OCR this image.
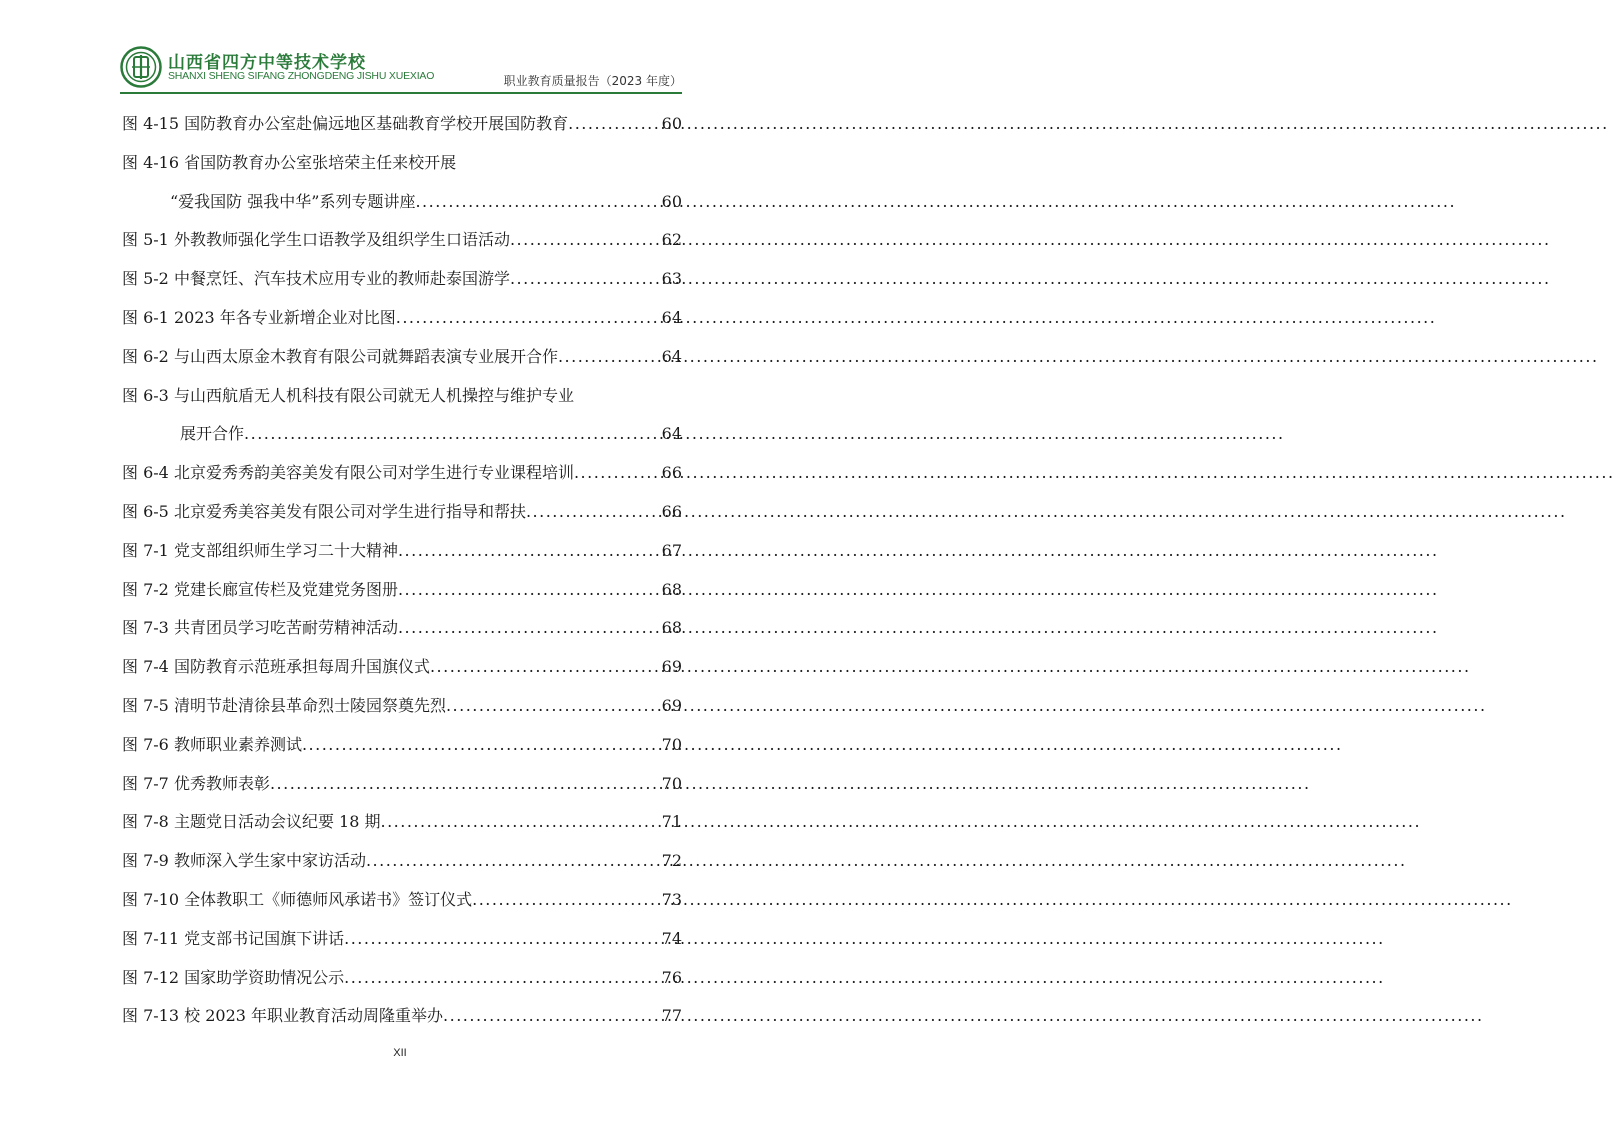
山西省四方中等技术学校
SHANXI SHENG SIFANG ZHONGDENG JISHU XUEXIAO	职业教育质量报告（2023 年度）
图 4-15 国防教育办公室赴偏远地区基础教育学校开展国防教育 .....	60
图 4-16 省国防教育办公室张培荣主任来校开展
“爱我国防 强我中华”系列专题讲座 .....	60
图 5-1 外教教师强化学生口语教学及组织学生口语活动 .....	62
图 5-2 中餐烹饪、汽车技术应用专业的教师赴泰国游学 .....	63
图 6-1 2023 年各专业新增企业对比图 .....	64
图 6-2 与山西太原金木教育有限公司就舞蹈表演专业展开合作 .....	64
图 6-3 与山西航盾无人机科技有限公司就无人机操控与维护专业
展开合作 .....	64
图 6-4 北京爱秀秀韵美容美发有限公司对学生进行专业课程培训 .....	66
图 6-5 北京爱秀美容美发有限公司对学生进行指导和帮扶 .....	66
图 7-1 党支部组织师生学习二十大精神 .....	67
图 7-2 党建长廊宣传栏及党建党务图册 .....	68
图 7-3 共青团员学习吃苦耐劳精神活动 .....	68
图 7-4 国防教育示范班承担每周升国旗仪式 .....	69
图 7-5 清明节赴清徐县革命烈士陵园祭奠先烈 .....	69
图 7-6 教师职业素养测试 .....	70
图 7-7 优秀教师表彰 .....	70
图 7-8 主题党日活动会议纪要 18 期 .....	71
图 7-9 教师深入学生家中家访活动 .....	72
图 7-10 全体教职工《师德师风承诺书》签订仪式 .....	73
图 7-11 党支部书记国旗下讲话 .....	74
图 7-12 国家助学资助情况公示 .....	76
图 7-13 校 2023 年职业教育活动周隆重举办 .....	77
XII
